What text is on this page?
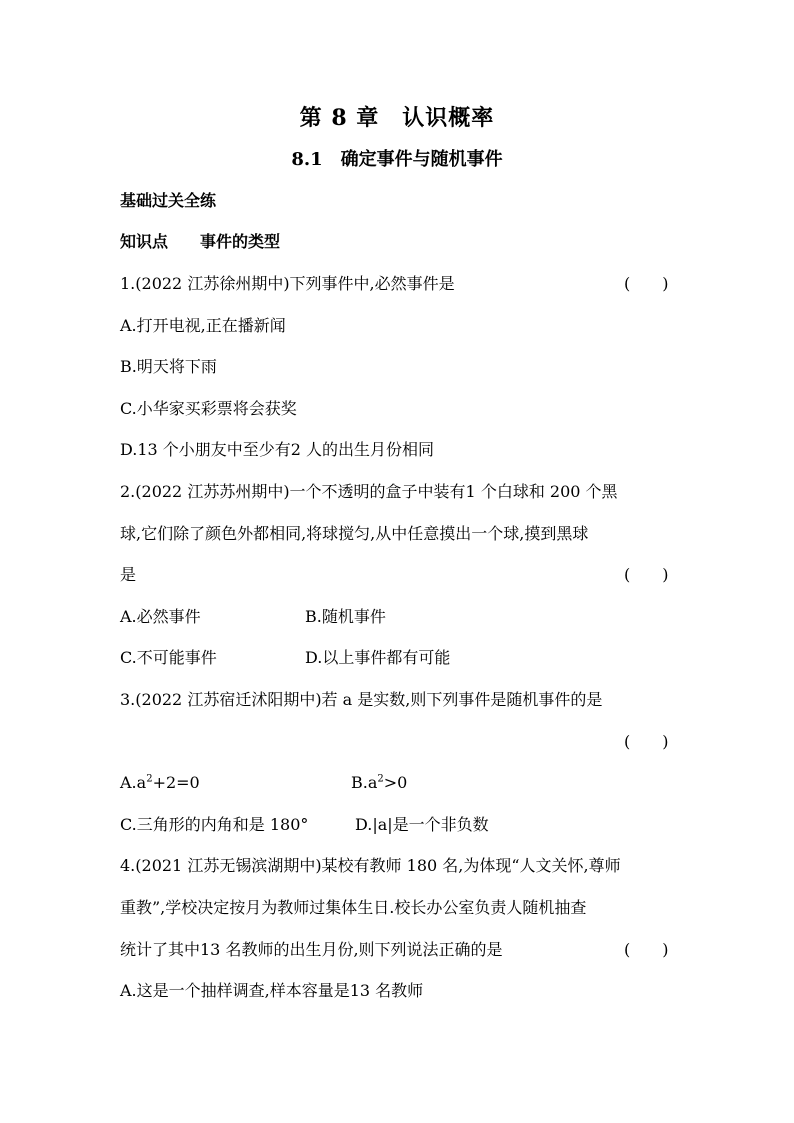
第 8 章　认识概率
8.1　确定事件与随机事件
基础过关全练
知识点　　事件的类型
1.(2022 江苏徐州期中)下列事件中,必然事件是	(　　)
A.打开电视,正在播新闻
B.明天将下雨
C.小华家买彩票将会获奖
D.13 个小朋友中至少有2 人的出生月份相同
2.(2022 江苏苏州期中)一个不透明的盒子中装有1 个白球和 200 个黑
球,它们除了颜色外都相同,将球搅匀,从中任意摸出一个球,摸到黑球
是	(　　)
A.必然事件	B.随机事件
C.不可能事件	D.以上事件都有可能
3.(2022 江苏宿迁沭阳期中)若 a 是实数,则下列事件是随机事件的是
(　　)
$A.a^2+2=0$	$B.a^2>0$
C.三角形的内角和是 180°	D.|a|是一个非负数
4.(2021 江苏无锡滨湖期中)某校有教师 180 名,为体现“人文关怀,尊师
重教”,学校决定按月为教师过集体生日.校长办公室负责人随机抽查
统计了其中13 名教师的出生月份,则下列说法正确的是	(　　)
A.这是一个抽样调查,样本容量是13 名教师
